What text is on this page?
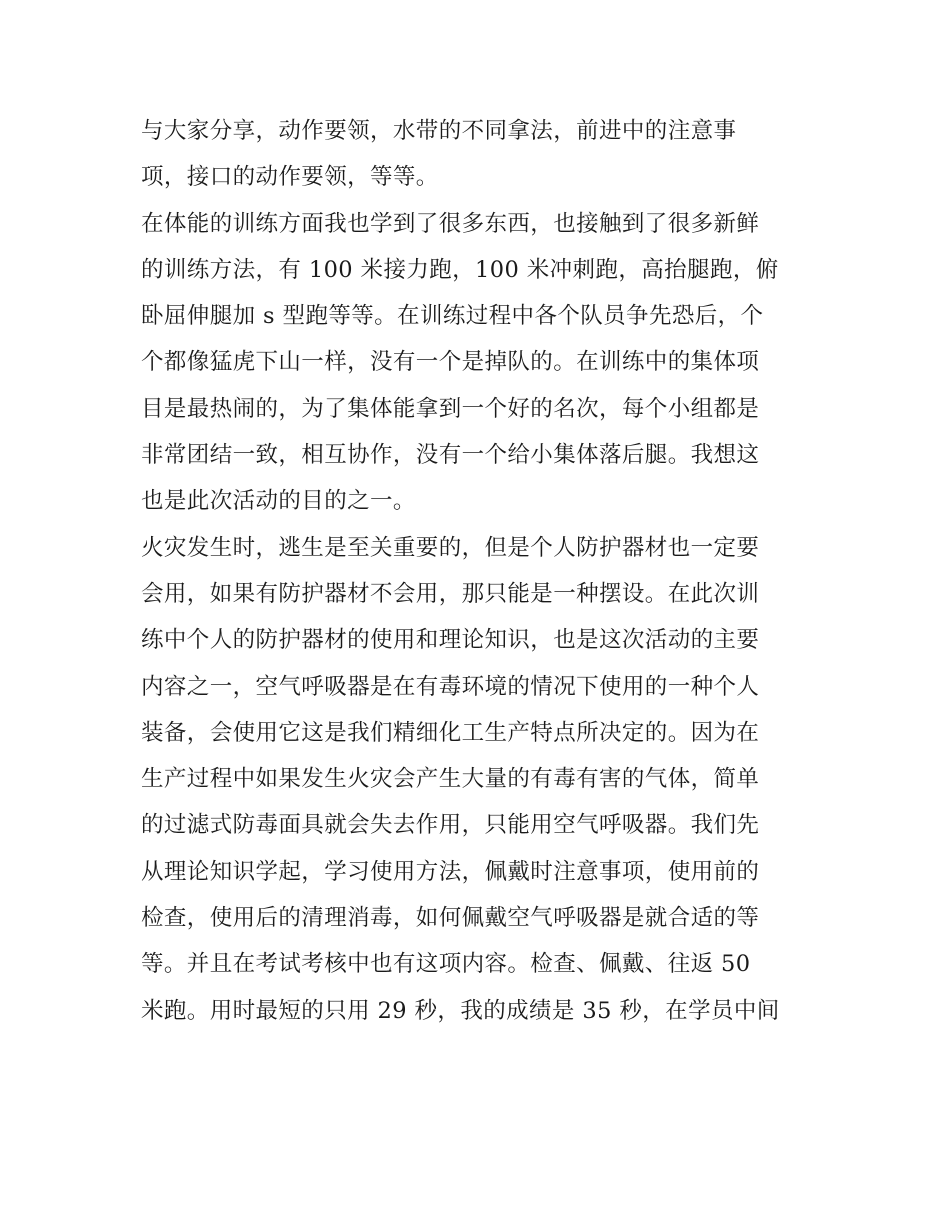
与大家分享，动作要领，水带的不同拿法，前进中的注意事
项，接口的动作要领，等等。
在体能的训练方面我也学到了很多东西，也接触到了很多新鲜
的训练方法，有 100 米接力跑，100 米冲刺跑，高抬腿跑，俯
卧屈伸腿加 s 型跑等等。在训练过程中各个队员争先恐后，个
个都像猛虎下山一样，没有一个是掉队的。在训练中的集体项
目是最热闹的，为了集体能拿到一个好的名次，每个小组都是
非常团结一致，相互协作，没有一个给小集体落后腿。我想这
也是此次活动的目的之一。
火灾发生时，逃生是至关重要的，但是个人防护器材也一定要
会用，如果有防护器材不会用，那只能是一种摆设。在此次训
练中个人的防护器材的使用和理论知识，也是这次活动的主要
内容之一，空气呼吸器是在有毒环境的情况下使用的一种个人
装备，会使用它这是我们精细化工生产特点所决定的。因为在
生产过程中如果发生火灾会产生大量的有毒有害的气体，简单
的过滤式防毒面具就会失去作用，只能用空气呼吸器。我们先
从理论知识学起，学习使用方法，佩戴时注意事项，使用前的
检查，使用后的清理消毒，如何佩戴空气呼吸器是就合适的等
等。并且在考试考核中也有这项内容。检查、佩戴、往返 50
米跑。用时最短的只用 29 秒，我的成绩是 35 秒，在学员中间
